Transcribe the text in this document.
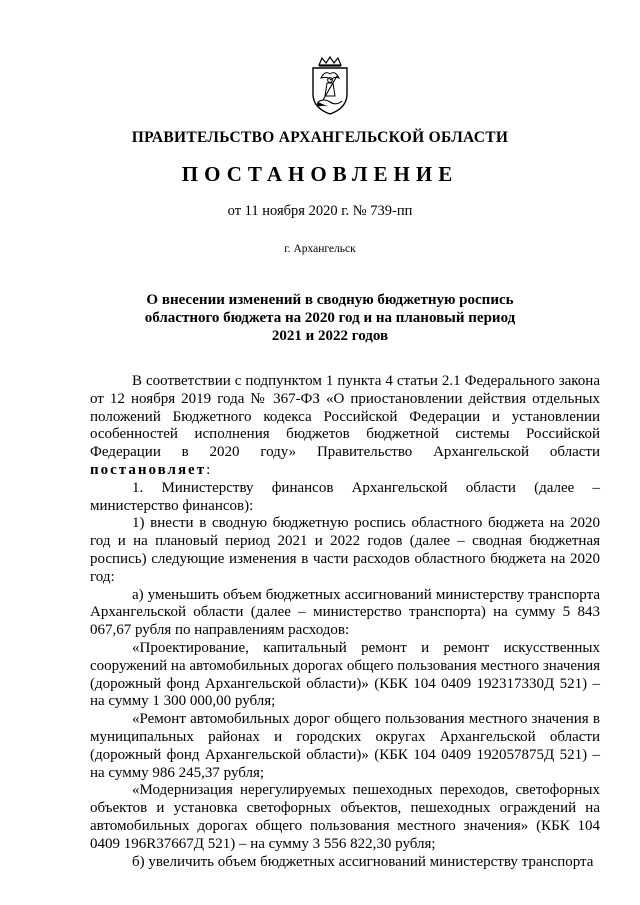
ПРАВИТЕЛЬСТВО АРХАНГЕЛЬСКОЙ ОБЛАСТИ
ПОСТАНОВЛЕНИЕ
от 11 ноября 2020 г. № 739-пп
г. Архангельск
О внесении изменений в сводную бюджетную роспись
областного бюджета на 2020 год и на плановый период
2021 и 2022 годов

В соответствии с подпунктом 1 пункта 4 статьи 2.1 Федерального закона от 12 ноября 2019 года № 367-ФЗ «О приостановлении действия отдельных положений Бюджетного кодекса Российской Федерации и установлении особенностей исполнения бюджетов бюджетной системы Российской Федерации в 2020 году» Правительство Архангельской области постановляет:

1. Министерству финансов Архангельской области (далее – министерство финансов):

1) внести в сводную бюджетную роспись областного бюджета на 2020 год и на плановый период 2021 и 2022 годов (далее – сводная бюджетная роспись) следующие изменения в части расходов областного бюджета на 2020 год:

а) уменьшить объем бюджетных ассигнований министерству транспорта Архангельской области (далее – министерство транспорта) на сумму 5 843 067,67 рубля по направлениям расходов:

«Проектирование, капитальный ремонт и ремонт искусственных сооружений на автомобильных дорогах общего пользования местного значения (дорожный фонд Архангельской области)» (КБК 104 0409 192317330Д 521) – на сумму 1 300 000,00 рубля;

«Ремонт автомобильных дорог общего пользования местного значения в муниципальных районах и городских округах Архангельской области (дорожный фонд Архангельской области)» (КБК 104 0409 192057875Д 521) – на сумму 986 245,37 рубля;

«Модернизация нерегулируемых пешеходных переходов, светофорных объектов и установка светофорных объектов, пешеходных ограждений на автомобильных дорогах общего пользования местного значения» (КБК 104 0409 196R37667Д 521) – на сумму 3 556 822,30 рубля;

б) увеличить объем бюджетных ассигнований министерству транспорта
